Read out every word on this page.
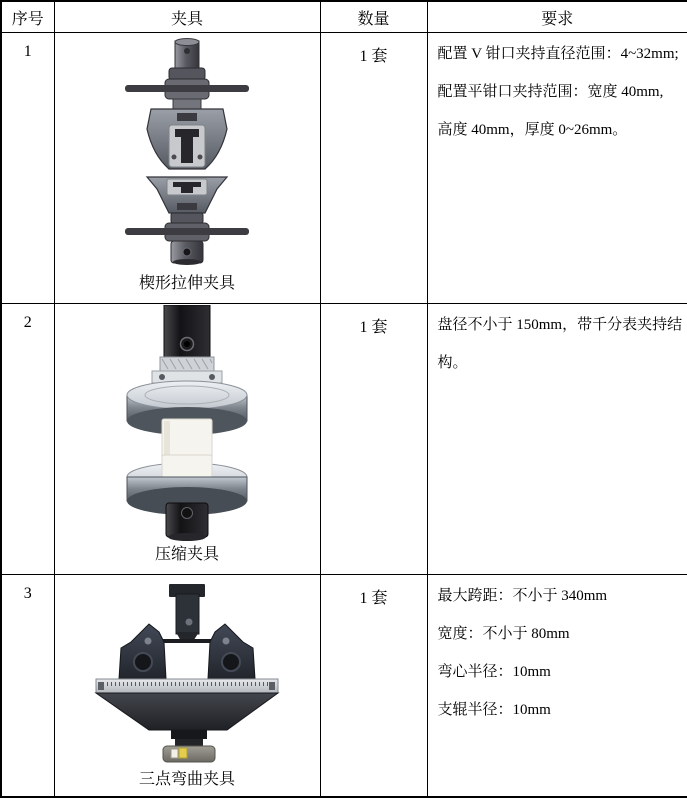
序号	夹具	数量	要求
1	楔形拉伸夹具	1 套	配置 V 钳口夹持直径范围：4~32mm;
配置平钳口夹持范围：宽度 40mm,
高度 40mm，厚度 0~26mm。

2	压缩夹具	1 套	盘径不小于 150mm，带千分表夹持结
构。

3	三点弯曲夹具	1 套	最大跨距：不小于 340mm
宽度：不小于 80mm
弯心半径：10mm
支辊半径：10mm
